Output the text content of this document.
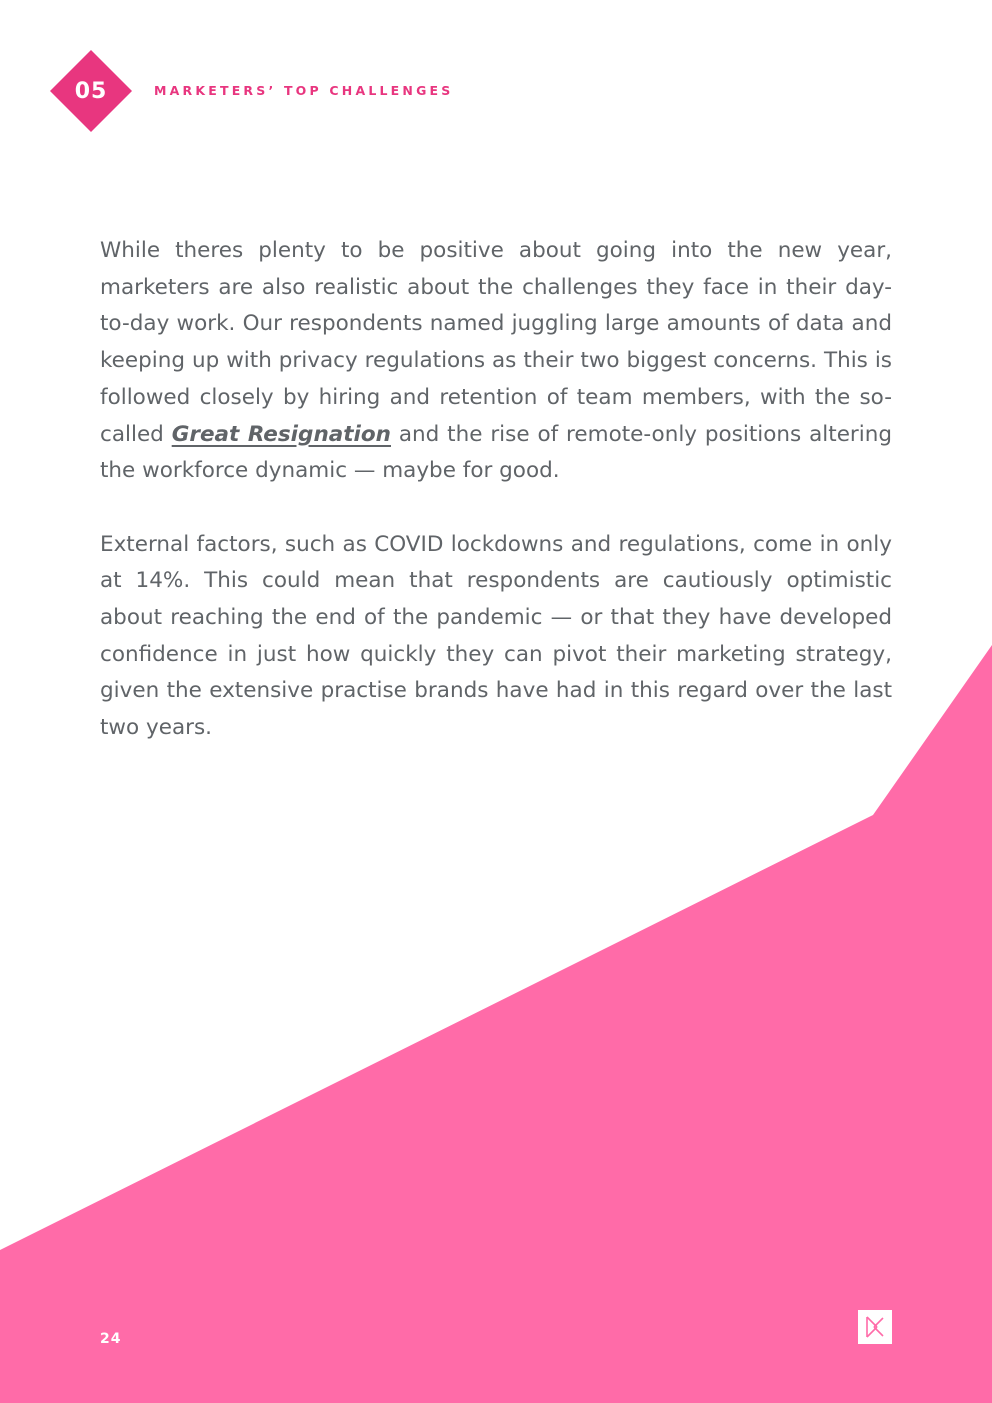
05	MARKETERS’ TOP CHALLENGES

While theres plenty to be positive about going into the new year, marketers are also realistic about the challenges they face in their day-to-day work. Our respondents named juggling large amounts of data and keeping up with privacy regulations as their two biggest concerns. This is followed closely by hiring and retention of team members, with the so-called Great Resignation and the rise of remote-only positions altering the workforce dynamic — maybe for good.

External factors, such as COVID lockdowns and regulations, come in only at 14%. This could mean that respondents are cautiously optimistic about reaching the end of the pandemic — or that they have developed confidence in just how quickly they can pivot their marketing strategy, given the extensive practise brands have had in this regard over the last two years.

24
